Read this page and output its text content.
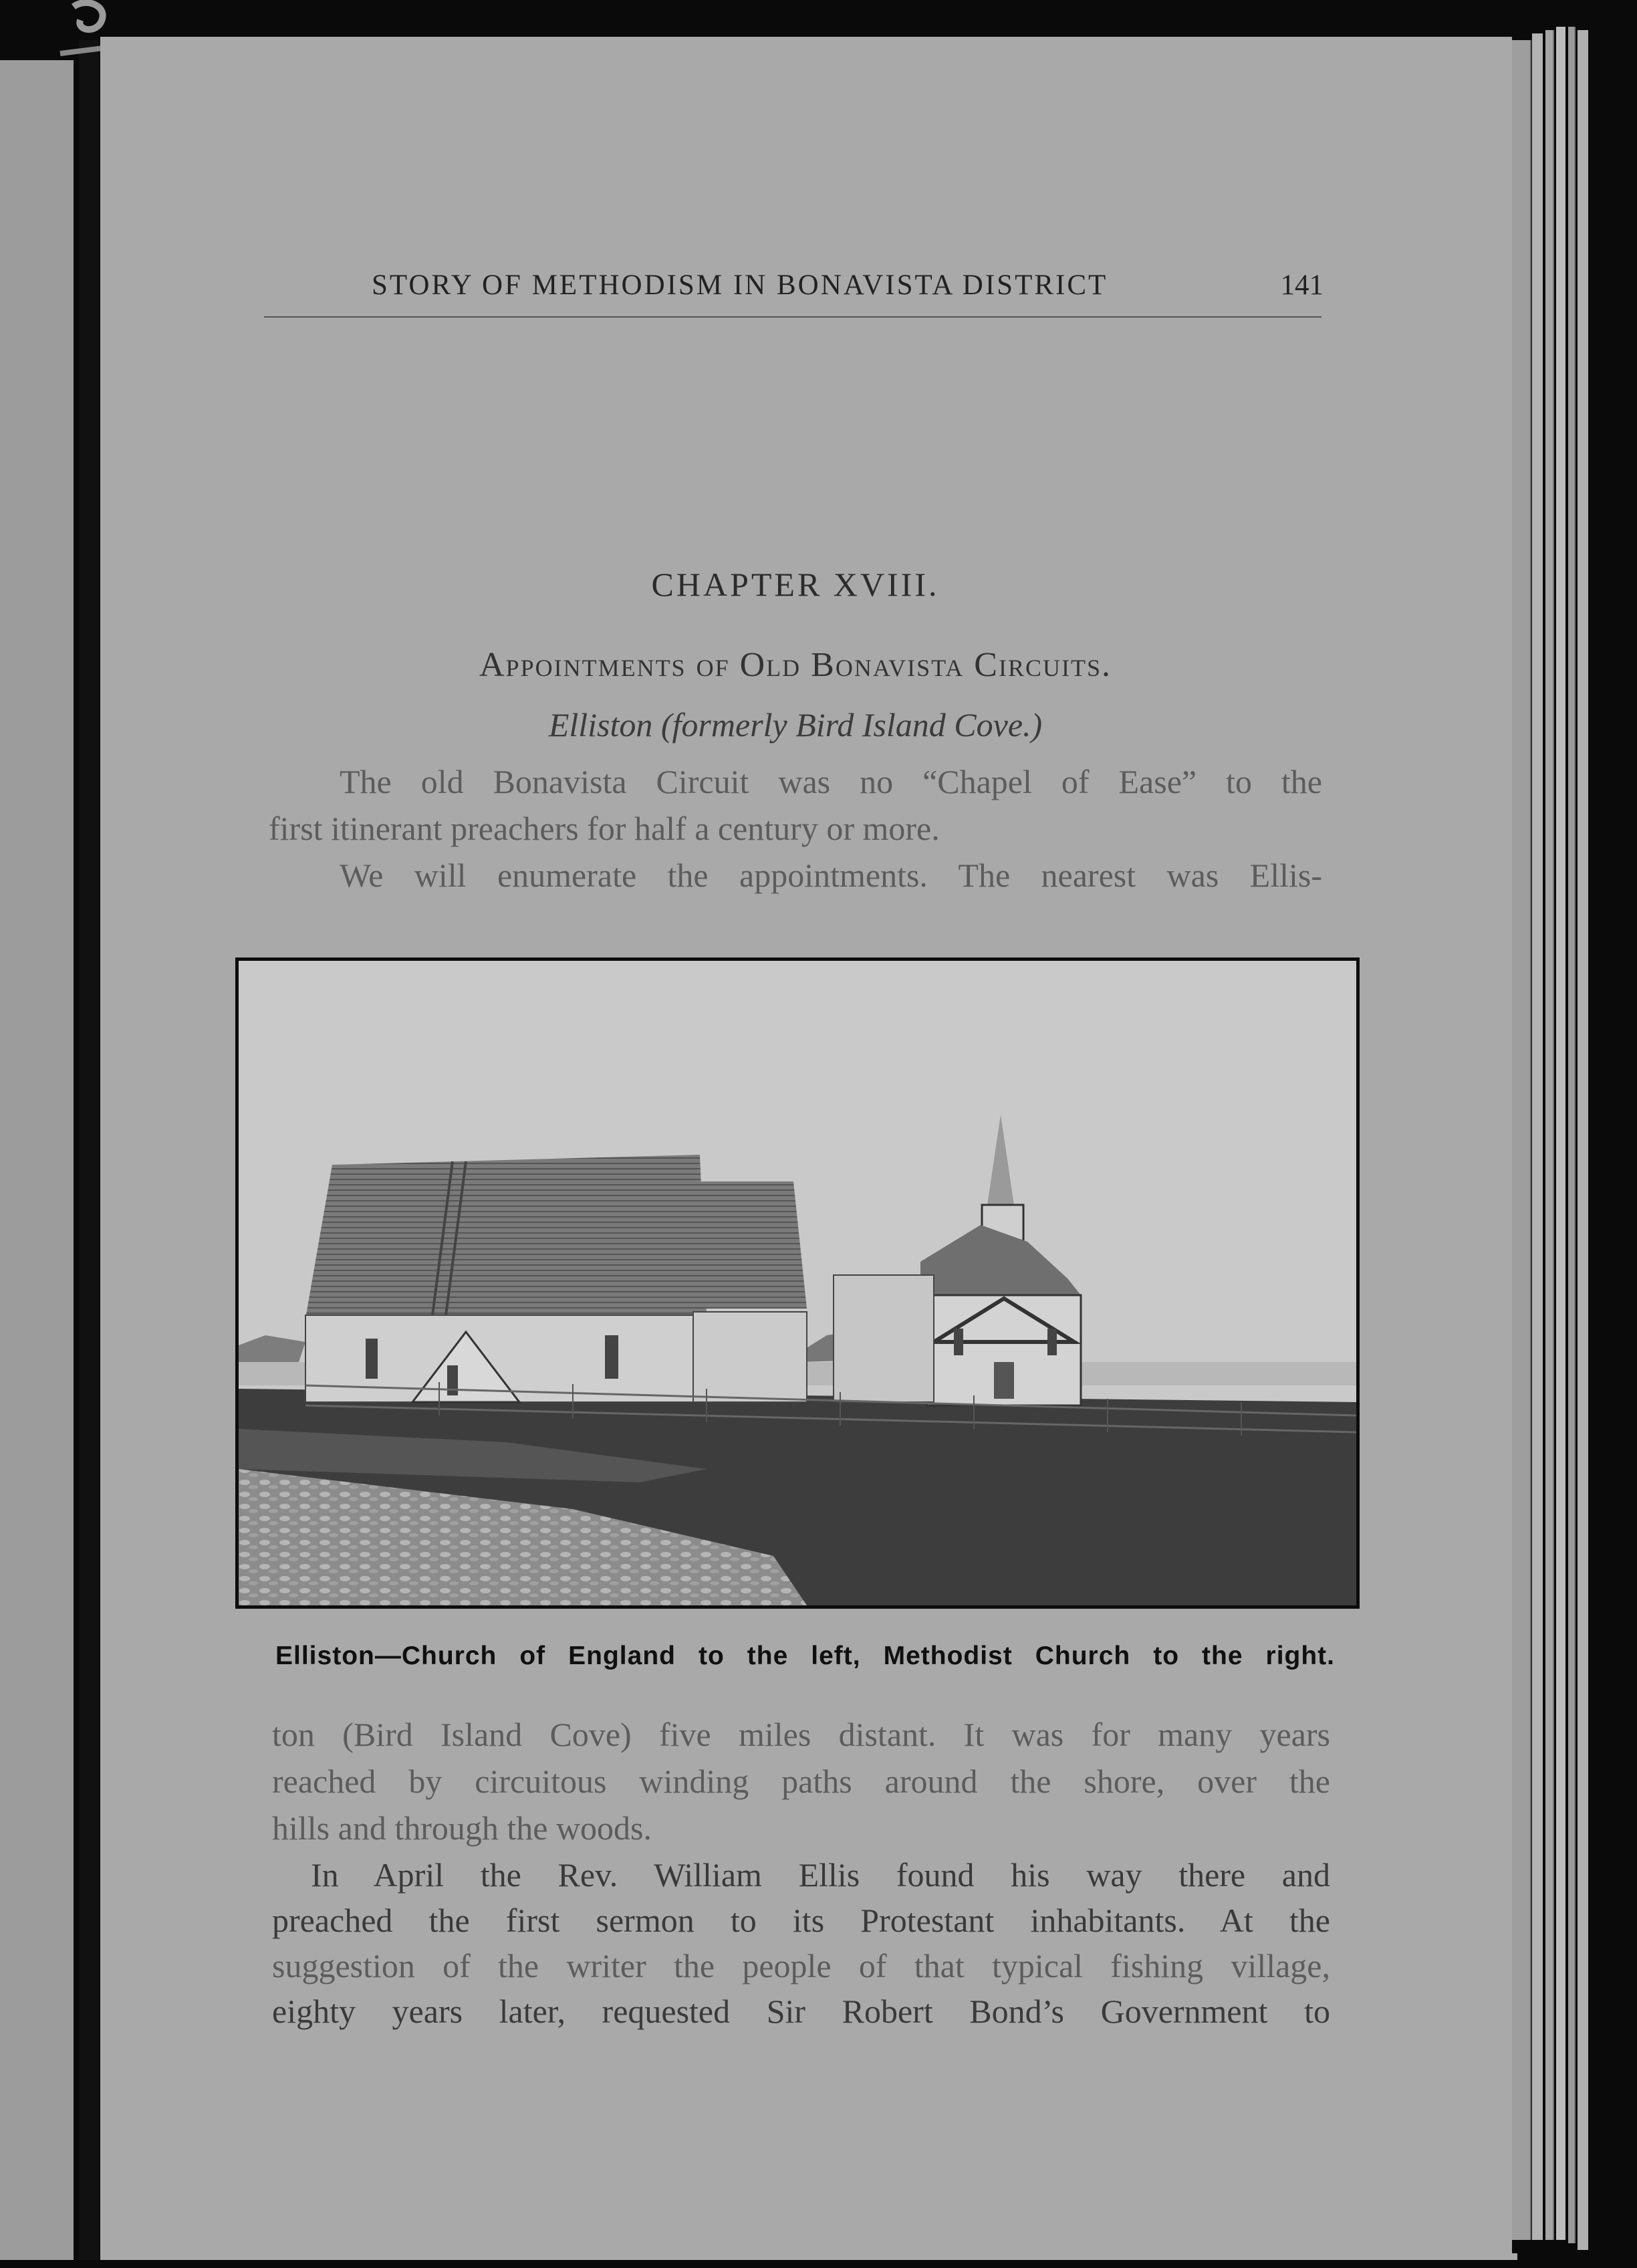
STORY OF METHODISM IN BONAVISTA DISTRICT	141
CHAPTER XVIII.
Appointments of Old Bonavista Circuits.
Elliston (formerly Bird Island Cove.)
The old Bonavista Circuit was no “Chapel of Ease” to the
first itinerant preachers for half a century or more.
We will enumerate the appointments. The nearest was Ellis-
Elliston—Church of England to the left, Methodist Church to the right.
ton (Bird Island Cove) five miles distant. It was for many years
reached by circuitous winding paths around the shore, over the
hills and through the woods.
In April the Rev. William Ellis found his way there and
preached the first sermon to its Protestant inhabitants. At the
suggestion of the writer the people of that typical fishing village,
eighty years later, requested Sir Robert Bond’s Government to
